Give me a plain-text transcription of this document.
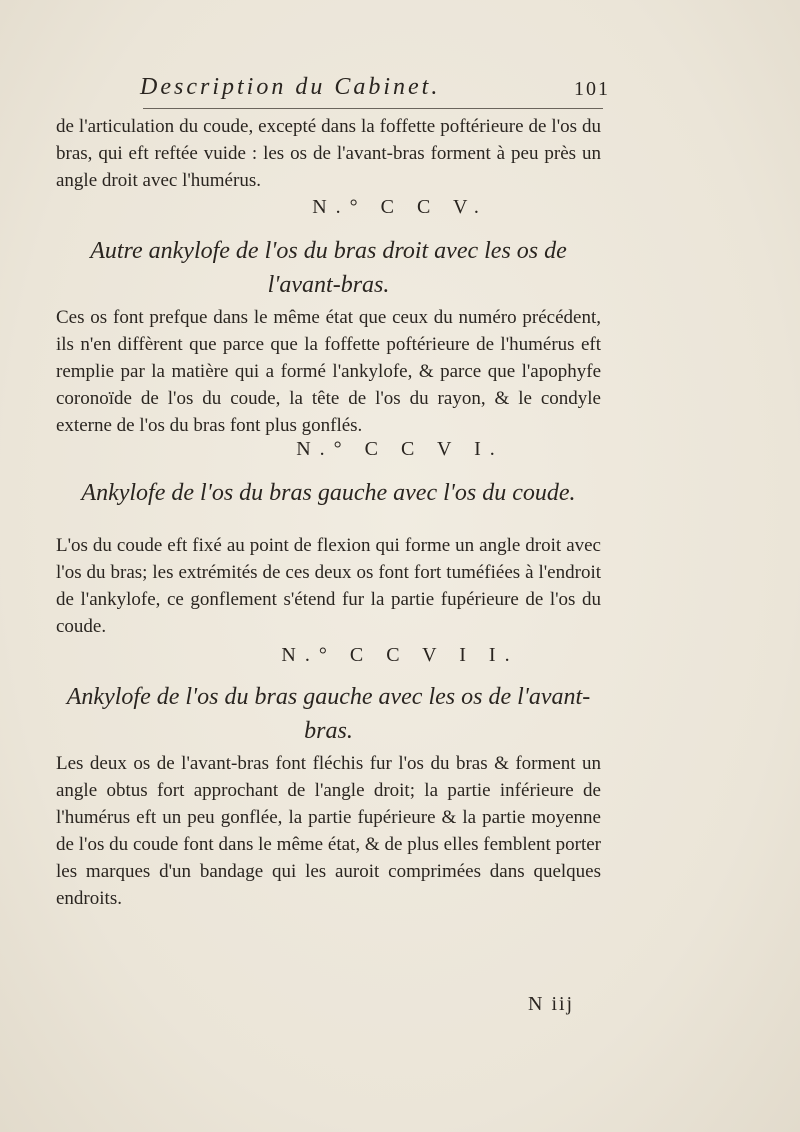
Description du Cabinet.	101

de l'articulation du coude, excepté dans la foffette poftérieure de l'os du bras, qui eft reftée vuide : les os de l'avant-bras forment à peu près un angle droit avec l'humérus.

N.° C C V.

Autre ankylofe de l'os du bras droit avec les os de l'avant-bras.

Ces os font prefque dans le même état que ceux du numéro précédent, ils n'en diffèrent que parce que la foffette poftérieure de l'humérus eft remplie par la matière qui a formé l'ankylofe, & parce que l'apophyfe coronoïde de l'os du coude, la tête de l'os du rayon, & le condyle externe de l'os du bras font plus gonflés.

N.° C C V I.

Ankylofe de l'os du bras gauche avec l'os du coude.

L'os du coude eft fixé au point de flexion qui forme un angle droit avec l'os du bras; les extrémités de ces deux os font fort tuméfiées à l'endroit de l'ankylofe, ce gonflement s'étend fur la partie fupérieure de l'os du coude.

N.° C C V I I.

Ankylofe de l'os du bras gauche avec les os de l'avant-bras.

Les deux os de l'avant-bras font fléchis fur l'os du bras & forment un angle obtus fort approchant de l'angle droit; la partie inférieure de l'humérus eft un peu gonflée, la partie fupérieure & la partie moyenne de l'os du coude font dans le même état, & de plus elles femblent porter les marques d'un bandage qui les auroit comprimées dans quelques endroits.

N iij
